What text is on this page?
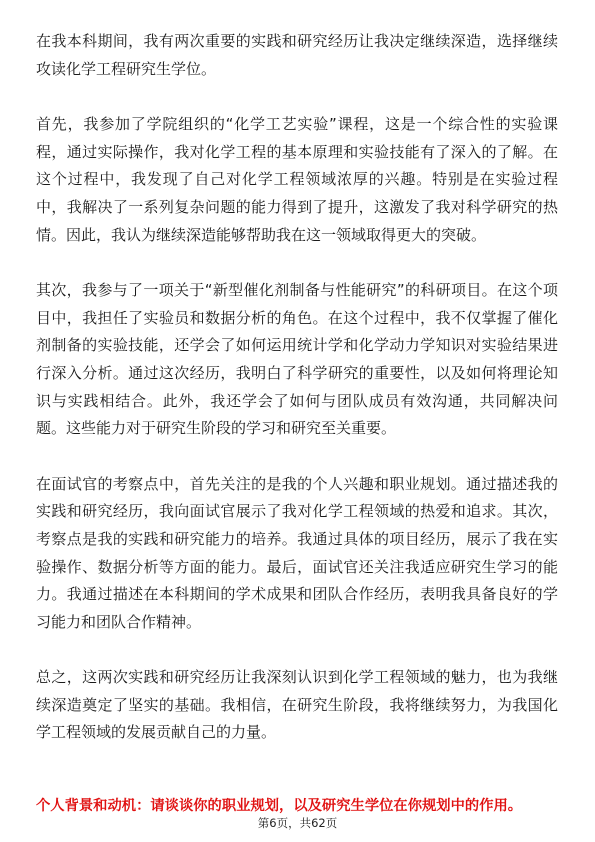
在我本科期间，我有两次重要的实践和研究经历让我决定继续深造，选择继续攻读化学工程研究生学位。

首先，我参加了学院组织的“化学工艺实验”课程，这是一个综合性的实验课程，通过实际操作，我对化学工程的基本原理和实验技能有了深入的了解。在这个过程中，我发现了自己对化学工程领域浓厚的兴趣。特别是在实验过程中，我解决了一系列复杂问题的能力得到了提升，这激发了我对科学研究的热情。因此，我认为继续深造能够帮助我在这一领域取得更大的突破。

其次，我参与了一项关于“新型催化剂制备与性能研究”的科研项目。在这个项目中，我担任了实验员和数据分析的角色。在这个过程中，我不仅掌握了催化剂制备的实验技能，还学会了如何运用统计学和化学动力学知识对实验结果进行深入分析。通过这次经历，我明白了科学研究的重要性，以及如何将理论知识与实践相结合。此外，我还学会了如何与团队成员有效沟通，共同解决问题。这些能力对于研究生阶段的学习和研究至关重要。

在面试官的考察点中，首先关注的是我的个人兴趣和职业规划。通过描述我的实践和研究经历，我向面试官展示了我对化学工程领域的热爱和追求。其次，考察点是我的实践和研究能力的培养。我通过具体的项目经历，展示了我在实验操作、数据分析等方面的能力。最后，面试官还关注我适应研究生学习的能力。我通过描述在本科期间的学术成果和团队合作经历，表明我具备良好的学习能力和团队合作精神。

总之，这两次实践和研究经历让我深刻认识到化学工程领域的魅力，也为我继续深造奠定了坚实的基础。我相信，在研究生阶段，我将继续努力，为我国化学工程领域的发展贡献自己的力量。

个人背景和动机：请谈谈你的职业规划，以及研究生学位在你规划中的作用。
第6页，共62页
